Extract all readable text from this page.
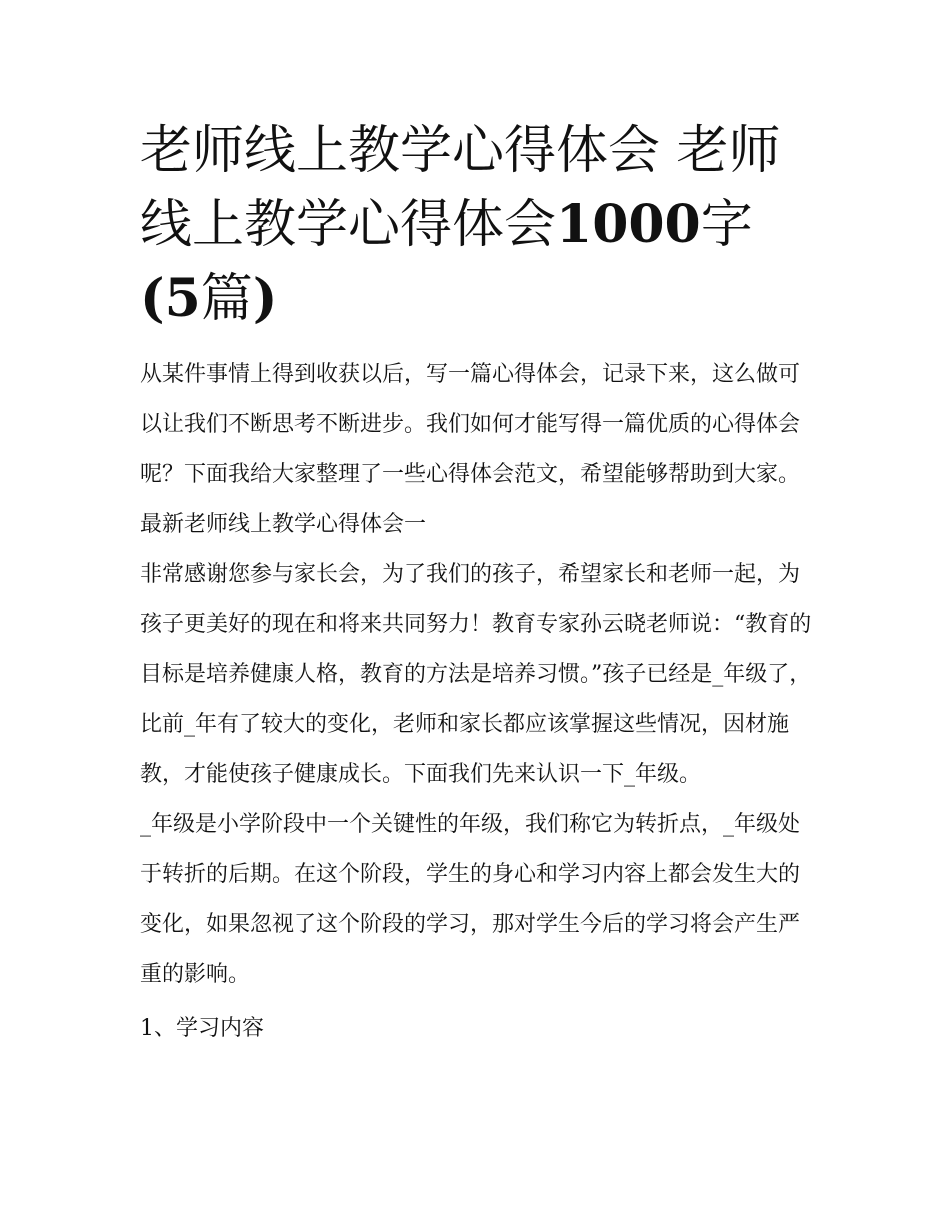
老师线上教学心得体会 老师线上教学心得体会1000字(5篇)

从某件事情上得到收获以后，写一篇心得体会，记录下来，这么做可以让我们不断思考不断进步。我们如何才能写得一篇优质的心得体会呢？下面我给大家整理了一些心得体会范文，希望能够帮助到大家。

最新老师线上教学心得体会一

非常感谢您参与家长会，为了我们的孩子，希望家长和老师一起，为孩子更美好的现在和将来共同努力！教育专家孙云晓老师说：“教育的目标是培养健康人格，教育的方法是培养习惯。”孩子已经是_年级了，比前_年有了较大的变化，老师和家长都应该掌握这些情况，因材施教，才能使孩子健康成长。下面我们先来认识一下_年级。

_年级是小学阶段中一个关键性的年级，我们称它为转折点，_年级处于转折的后期。在这个阶段，学生的身心和学习内容上都会发生大的变化，如果忽视了这个阶段的学习，那对学生今后的学习将会产生严重的影响。

1、学习内容
